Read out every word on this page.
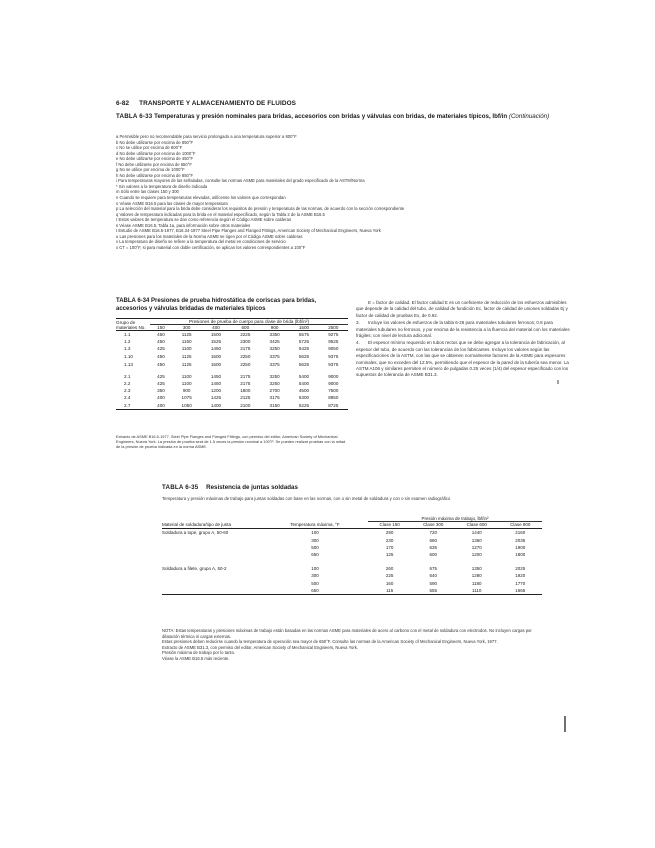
6-82 TRANSPORTE Y ALMACENAMIENTO DE FLUIDOS
TABLA 6-33 Temperaturas y presión nominales para bridas, accesorios con bridas y válvulas con bridas, de materiales típicos, lbf/in (Continuación)
a Permisible pero no recomendable para servicio prolongado a una temperatura superior a 800°F
b No debe utilizarse por encima de 850°F
c No se utilice por encima de 800°F
d No debe utilizarse por encima de 1000°F
e No debe utilizarse por encima de 450°F
f No debe utilizarse por encima de 650°F
g No se utilice por encima de 1000°F
h No debe utilizarse por encima de 850°F
i Para temperaturas mayores de las señaladas, consulte las normas ASME para materiales del grado especificado de la ASTM/Norma
* Sin valores a la temperatura de diseño indicada
m Sólo entre las clases 150 y 300
n Cuando se requiere para temperaturas elevadas, utilícense los valores que correspondan
o Véase ASME B16.5 para las clases de mayor temperatura
p La selección del material para la brida debe considerar los requisitos de presión y temperatura de las normas, de acuerdo con la sección correspondiente
q Valores de temperatura indicadas para la brida en el material especificado, según la Tabla 2 de la ASME B16.5
r Estos valores de temperatura se dan como referencia según el Código ASME sobre calderas
s Véase ASME B16.5, Tabla 1a, para información sobre otros materiales
t Estudio de ASME B16.5-1977, B16.34-1977 Steel Pipe Flanges and Flanged Fittings, American Society of Mechanical Engineers, Nueva York
u Las presiones para los materiales de la Norma ASME se rigen por el Código ASME sobre calderas
v La temperatura de diseño se refiere a la temperatura del metal en condiciones de servicio
x CT = 100°F, si para material con doble certificación, se aplican los valores correspondientes a 100°F
TABLA 6-34 Presiones de prueba hidrostática de coriscas para bridas, accesorios y válvulas bridadas de materiales típicos
Grupo de materiales No.	Presiones de prueba de cuerpo para clase de brida (lbf/in²)						
	150	300	400	600	900	1500	2500
1.1	450	1125	1500	2225	3350	5575	9275
1.2	450	1150	1525	2300	3425	5725	9525
1.3	425	1100	1450	2175	3250	5425	9050
1.10	450	1125	1500	2250	3375	5625	9375
1.13	450	1125	1500	2250	3375	5625	9375

2.1	425	1100	1450	2175	3250	5400	9000
2.2	425	1100	1450	2175	3250	5400	9000
2.3	350	900	1200	1800	2700	4500	7500
2.4	400	1075	1425	2125	3175	5300	8850
2.7	400	1050	1400	2100	3150	5225	8725
Extracto de ASME B16.5-1977, Steel Pipe Flanges and Flanged Fittings, con permiso del editor, American Society of Mechanical Engineers, Nueva York. La presión de prueba será de 1.5 veces la presión nominal a 100°F. Se pueden realizar pruebas con la mitad de la presión de prueba indicada en la norma ASME.

E = factor de calidad. El factor calidad E es un coeficiente de reducción de los esfuerzos admisibles que depende de la calidad del tubo, de calidad de fundición Ec, factor de calidad de uniones soldadas Ej y factor de calidad de pruebas Ex, de 0.92.

3. Incluye los valores de esfuerzos de la tabla 6-28 para materiales tubulares ferrosos; 0.8 para materiales tubulares no ferrosos, y por encima de la resistencia a la fluencia del material con los materiales frágiles; con nivel de lectura adicional.

4. El espesor mínimo requerido en tubos rectos que se debe agregar a la tolerancia de fabricación, al espesor del tubo, de acuerdo con las tolerancias de los fabricantes. Incluye los valores según las especificaciones de la ASTM, con las que se obtienen normalmente factores de la ASME para espesores nominales, que no exceden del 12.5%, permitiendo que el espesor de la pared de la tubería sea menor. La ASTM A106 y similares permiten el número de pulgadas 0.25 veces (1/4) del espesor especificado con los supuestos de tolerancia de ASME B31.3.

TABLA 6-35 Resistencia de juntas soldadas
Temperatura y presión máximas de trabajo para juntas soldadas con base en las normas, con o sin metal de soldadura y con o sin examen radiográfico
		Presión máxima de trabajo, lbf/in²			
Material de soldadura/tipo de junta	Temperatura máxima, °F	Clase 150	Clase 300	Clase 600	Clase 900
Soldadura a tope, grupo A, 50-60	100	290	720	1440	2160
	300	230	680	1360	2035
	500	170	635	1270	1900
	650	125	600	1200	1800

Soldadura a filete, grupo A, 50-2	100	260	675	1350	2025
	300	225	640	1280	1920
	500	160	590	1180	1770
	650	115	555	1110	1665
NOTA: Estas temperaturas y presiones máximas de trabajo están basadas en las normas ASME para materiales de acero al carbono con el metal de soldadura con electrodos. No incluyen cargas por dilatación térmica ni cargas externas.
Estas presiones deben reducirse cuando la temperatura de operación sea mayor de 650°F. Consulte las normas de la American Society of Mechanical Engineers, Nueva York, 1977.
Extracto de ASME B31.3, con permiso del editor, American Society of Mechanical Engineers, Nueva York.
Presión máxima de trabajo por lo tanto.
Véase la ASME B16.5 más reciente.
